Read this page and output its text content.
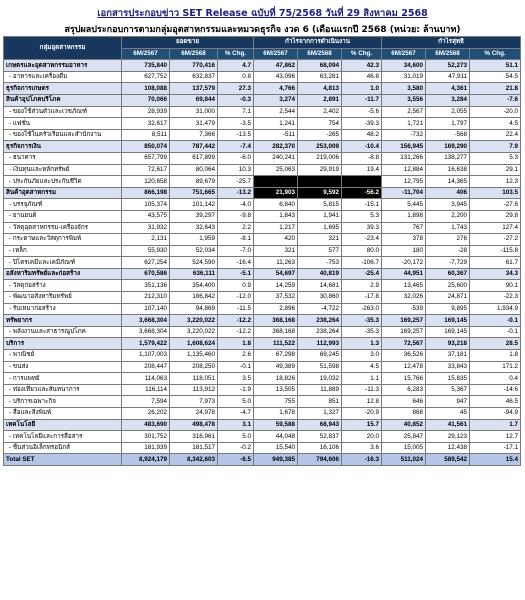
เอกสารประกอบข่าว SET Release ฉบับที่ 75/2568 วันที่ 29 สิงหาคม 2568
สรุปผลประกอบการตามกลุ่มอุตสาหกรรมและหมวดธุรกิจ งวด 6 (เดือนแรกปี 2568 (หน่วย: ล้านบาท)
กลุ่มอุตสาหกรรม	ยอดขาย			กำไรจากการดำเนินงาน			กำไรสุทธิ		
	6M/2567	6M/2568	% Chg.	6M/2567	6M/2568	% Chg.	6M/2567	6M/2568	% Chg.
เกษตรและอุตสาหกรรมอาหาร	735,840	770,416	4.7	47,862	68,094	42.3	34,600	52,273	51.1
- อาหารและเครื่องดื่ม	627,752	632,837	0.8	43,096	63,281	46.8	31,019	47,911	54.5
ธุรกิจการเกษตร	108,088	137,579	27.3	4,766	4,813	1.0	3,580	4,361	21.8
สินค้าอุปโภคบริโภค	70,066	69,844	-0.3	3,274	2,891	-11.7	3,556	3,284	-7.6
- ของใช้ส่วนตัวและเวชภัณฑ์	28,939	31,000	7.1	2,544	2,402	-5.6	2,567	2,055	-20.0
- แฟชั่น	32,617	31,479	-3.5	1,241	754	-39.3	1,721	1,797	4.5
- ของใช้ในครัวเรือนและสำนักงาน	8,511	7,366	-13.5	-511	-265	48.2	-732	-568	22.4
ธุรกิจการเงิน	850,074	787,442	-7.4	282,370	253,009	-10.4	156,945	169,290	7.9
- ธนาคาร	657,799	617,899	-6.0	240,241	219,006	-8.8	131,266	138,277	5.3
- เงินทุนและหลักทรัพย์	72,617	80,064	10.3	25,063	29,919	19.4	12,884	16,638	29.1
- ประกันภัยและประกันชีวิต	120,658	89,679	-25.7				12,795	14,365	12.3
สินค้าอุตสาหกรรม	866,198	751,665	-13.2	21,903	9,592	-56.2	-11,704	406	103.5
- บรรจุภัณฑ์	105,374	101,142	-4.0	6,840	5,815	-15.1	5,445	3,945	-27.6
- ยานยนต์	43,575	39,297	-9.8	1,843	1,941	5.3	1,898	2,200	29.8
- วัสดุอุตสาหกรรม-เครื่องจักร	31,932	32,643	2.2	1,217	1,695	39.3	767	1,743	127.4
- กระดาษและวัสดุการพิมพ์	2,131	1,959	-8.1	420	321	-23.4	378	276	-27.2
- เหล็ก	55,930	52,034	-7.0	321	577	80.0	180	-28	-115.8
- ปิโตรเคมีและเคมีภัณฑ์	627,254	524,590	-16.4	11,263	-753	-106.7	-20,172	-7,729	61.7
อสังหาริมทรัพย์และก่อสร้าง	670,586	636,111	-5.1	54,697	40,819	-25.4	44,951	60,367	34.3
- วัสดุก่อสร้าง	351,136	354,400	0.9	14,259	14,681	2.9	13,465	25,600	90.1
- พัฒนาอสังหาริมทรัพย์	212,310	186,842	-12.0	37,532	30,860	-17.8	32,026	24,871	-22.3
- รับเหมาก่อสร้าง	107,140	94,869	-11.5	2,896	-4,722	-263.0	-539	9,895	1,934.9
ทรัพยากร	3,668,304	3,220,022	-12.2	368,168	238,264	-35.3	169,257	169,145	-0.1
- พลังงานและสาธารณูปโภค	3,668,304	3,220,022	-12.2	368,168	238,264	-35.3	169,257	169,145	-0.1
บริการ	1,579,422	1,608,624	1.8	111,522	112,993	1.3	72,567	93,218	28.5
- พาณิชย์	1,107,003	1,135,460	2.6	67,298	69,245	3.0	36,526	37,181	1.8
- ขนส่ง	208,447	208,250	-0.1	49,389	51,598	4.5	12,478	33,843	171.2
- การแพทย์	114,063	118,051	3.5	18,826	19,032	1.1	15,766	15,835	0.4
- ท่องเที่ยวและสันทนาการ	116,114	113,912	-1.9	13,505	11,889	-11.3	6,283	5,367	-14.6
- บริการเฉพาะกิจ	7,594	7,973	5.0	755	851	12.8	646	947	46.5
- สื่อและสิ่งพิมพ์	26,202	24,978	-4.7	1,678	1,327	-20.9	868	45	-94.9
เทคโนโลยี	483,690	498,478	3.1	59,588	68,943	15.7	40,852	41,561	1.7
- เทคโนโลยีและการสื่อสาร	301,752	316,961	5.0	44,048	52,837	20.0	25,847	29,123	12.7
- ชิ้นส่วนอิเล็กทรอนิกส์	181,939	181,517	-0.2	15,540	16,106	3.6	15,005	12,438	-17.1
Total SET	8,924,179	8,342,603	-6.5	949,385	794,606	-16.3	511,024	589,542	15.4
